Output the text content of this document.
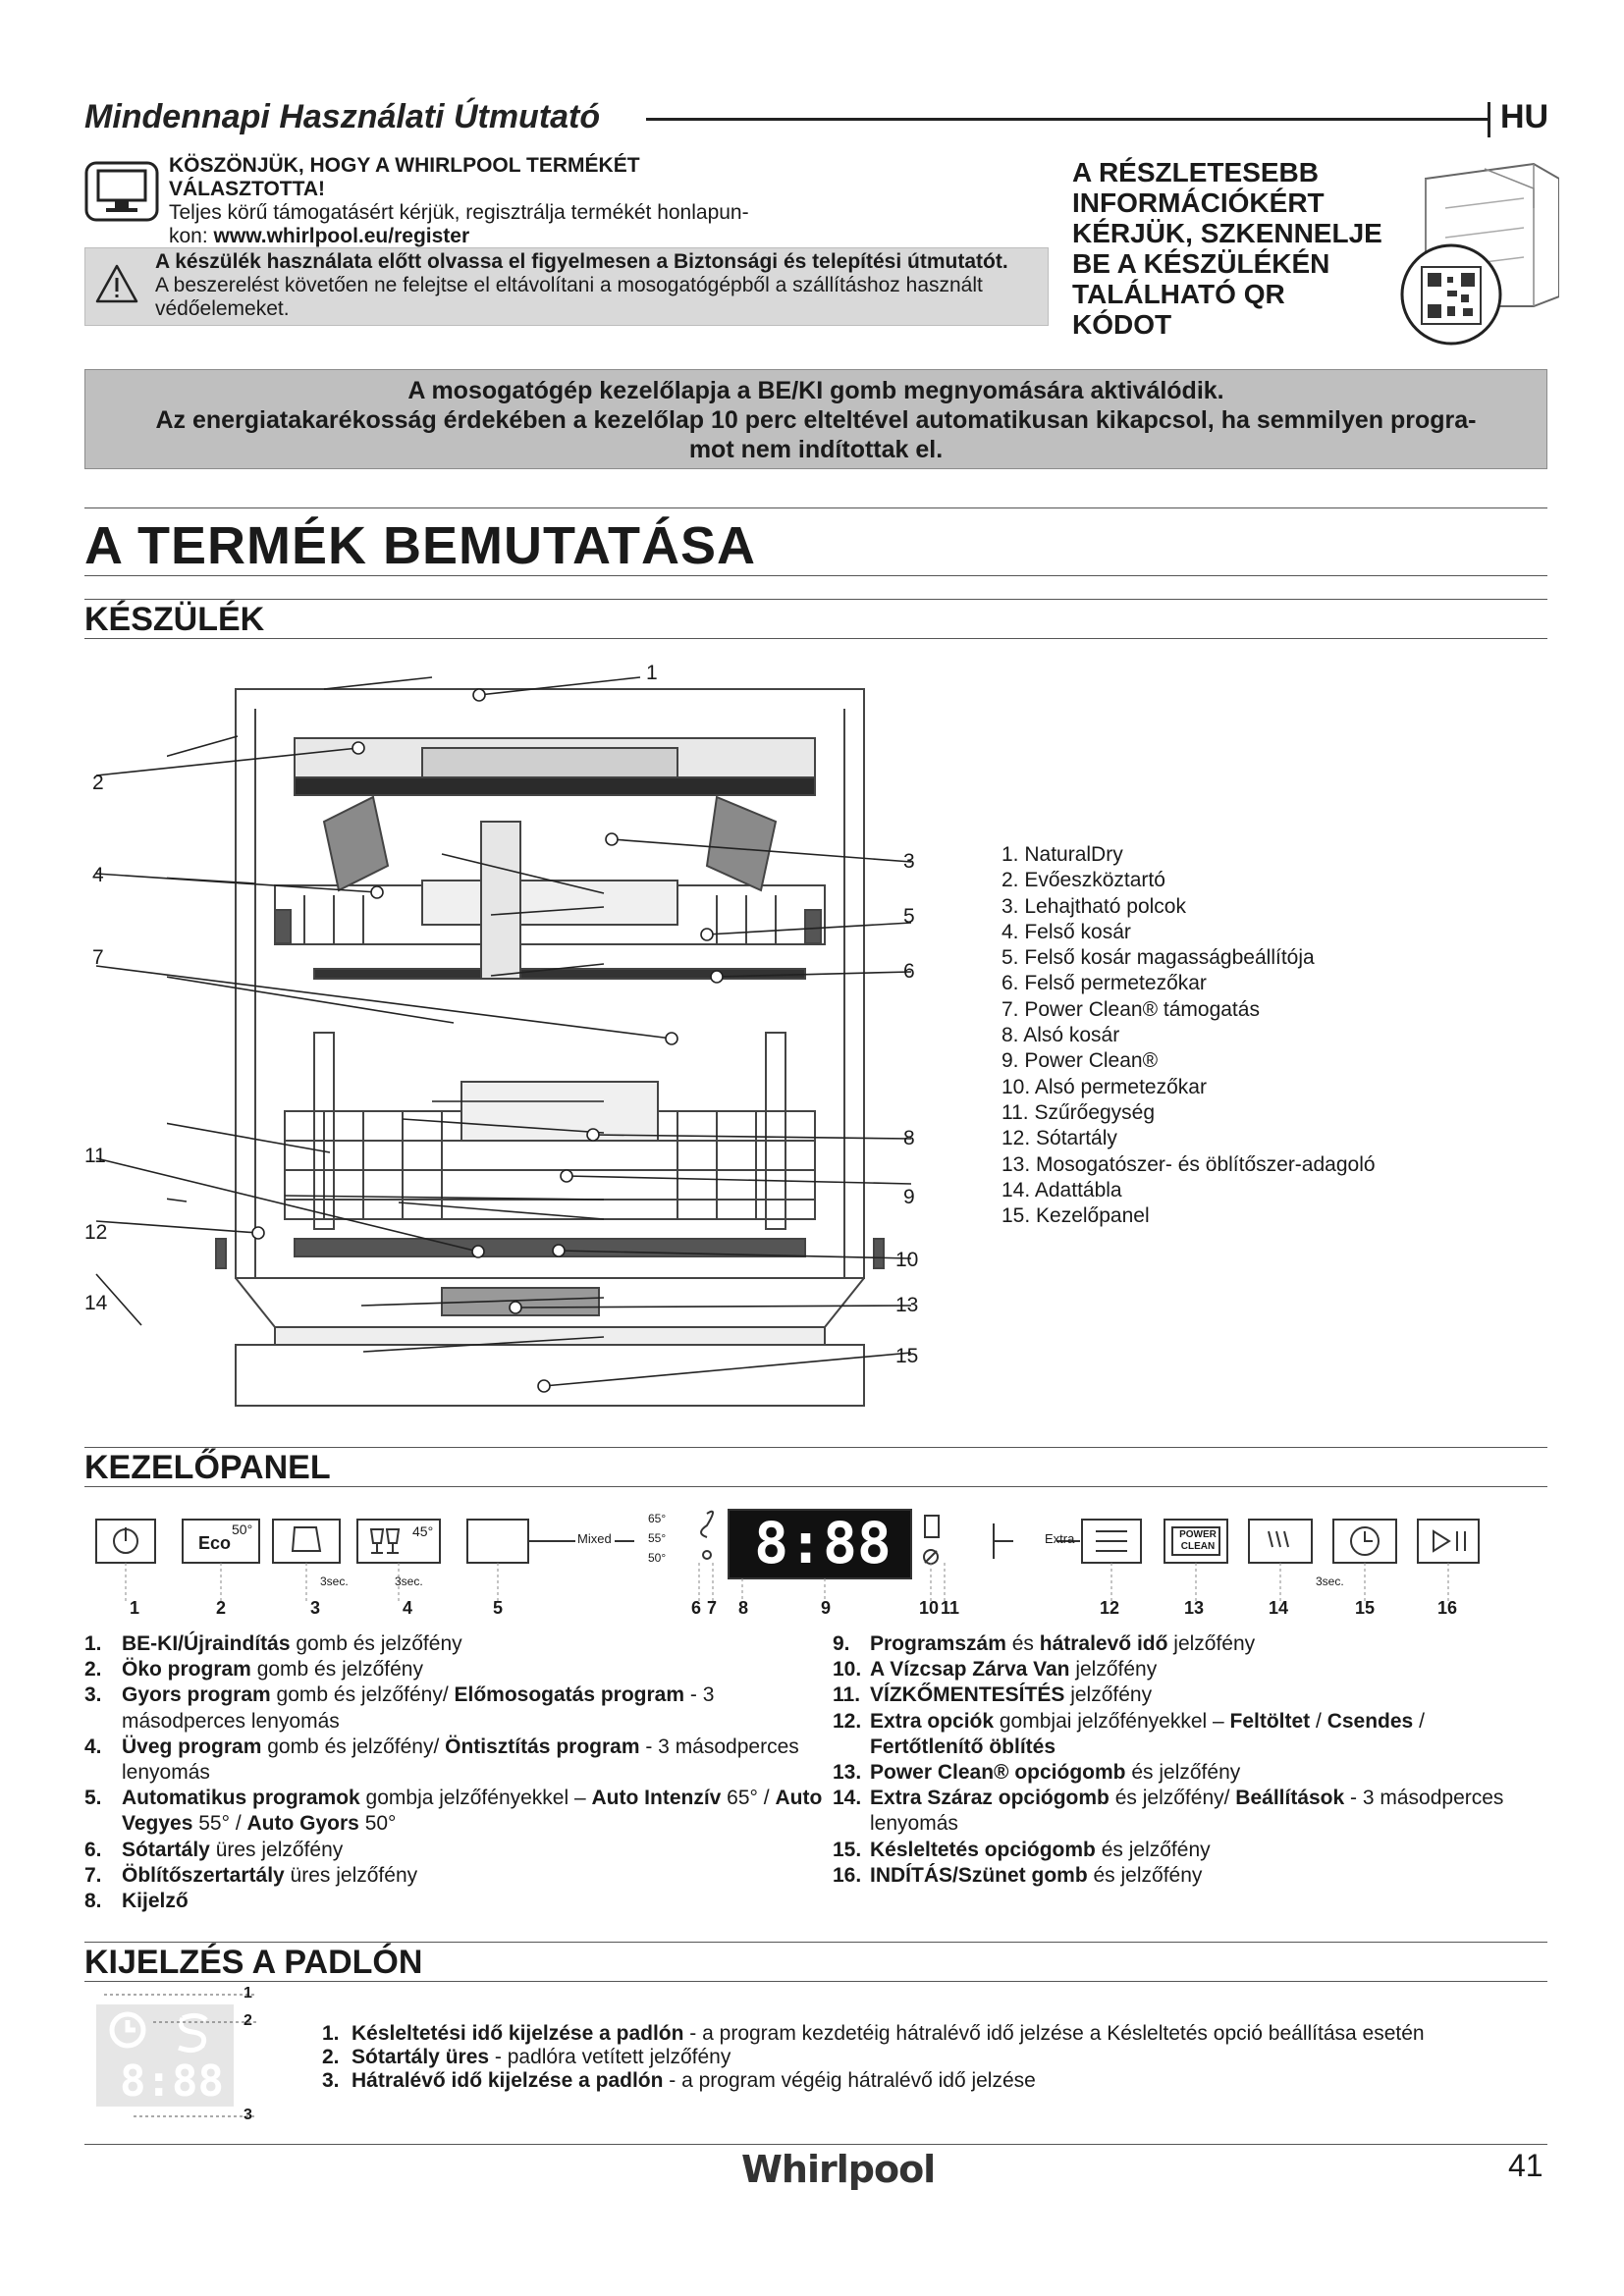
Mindennapi Használati Útmutató	HU
KÖSZÖNJÜK, HOGY A WHIRLPOOL TERMÉKÉT VÁLASZTOTTA!
Teljes körű támogatásért kérjük, regisztrálja termékét honlapun-
kon: www.whirlpool.eu/register
A készülék használata előtt olvassa el figyelmesen a Biztonsági és telepítési útmutatót.
A beszerelést követően ne felejtse el eltávolítani a mosogatógépből a szállításhoz használt védőelemeket.
A RÉSZLETESEBB
INFORMÁCIÓKÉRT
KÉRJÜK, SZKENNELJE
BE A KÉSZÜLÉKÉN
TALÁLHATÓ QR
KÓDOT
A mosogatógép kezelőlapja a BE/KI gomb megnyomására aktiválódik.
Az energiatakarékosság érdekében a kezelőlap 10 perc elteltével automatikusan kikapcsol, ha semmilyen progra-
mot nem indítottak el.
A TERMÉK BEMUTATÁSA
KÉSZÜLÉK
1
2
3
4
5
6
7
8
9
10
11
12
13
14
15
1. NaturalDry
2. Evőeszköztartó
3. Lehajtható polcok
4. Felső kosár
5. Felső kosár magasságbeállítója
6. Felső permetezőkar
7. Power Clean® támogatás
8. Alsó kosár
9. Power Clean®
10. Alsó permetezőkar
11. Szűrőegység
12. Sótartály
13. Mosogatószer- és öblítőszer-adagoló
14. Adattábla
15. Kezelőpanel
KEZELŐPANEL
Eco
50°	45°	Mixed
65°
55°
50°	8:88	Extra	POWER
CLEAN
3sec.	3sec.	3sec.
1	2	3	4	5	6 7 8	9	10 11	12	13	14	15	16
1. BE-KI/Újraindítás gomb és jelzőfény
2. Öko program gomb és jelzőfény
3. Gyors program gomb és jelzőfény/ Előmosogatás program - 3 másodperces lenyomás
4. Üveg program gomb és jelzőfény/ Öntisztítás program - 3 másodperces lenyomás
5. Automatikus programok gombja jelzőfényekkel – Auto Intenzív 65° / Auto Vegyes 55° / Auto Gyors 50°
6. Sótartály üres jelzőfény
7. Öblítőszertartály üres jelzőfény
8. Kijelző
9. Programszám és hátralevő idő jelzőfény
10. A Vízcsap Zárva Van jelzőfény
11. VÍZKŐMENTESÍTÉS jelzőfény
12. Extra opciók gombjai jelzőfényekkel – Feltöltet / Csendes / Fertőtlenítő öblítés
13. Power Clean® opciógomb és jelzőfény
14. Extra Száraz opciógomb és jelzőfény/ Beállítások - 3 másodperces lenyomás
15. Késleltetés opciógomb és jelzőfény
16. INDÍTÁS/Szünet gomb és jelzőfény
KIJELZÉS A PADLÓN
8:88
1
2
3
1. Késleltetési idő kijelzése a padlón - a program kezdetéig hátralévő idő jelzése a Késleltetés opció beállítása esetén
2. Sótartály üres - padlóra vetített jelzőfény
3. Hátralévő idő kijelzése a padlón - a program végéig hátralévő idő jelzése
Whirlpool	41
